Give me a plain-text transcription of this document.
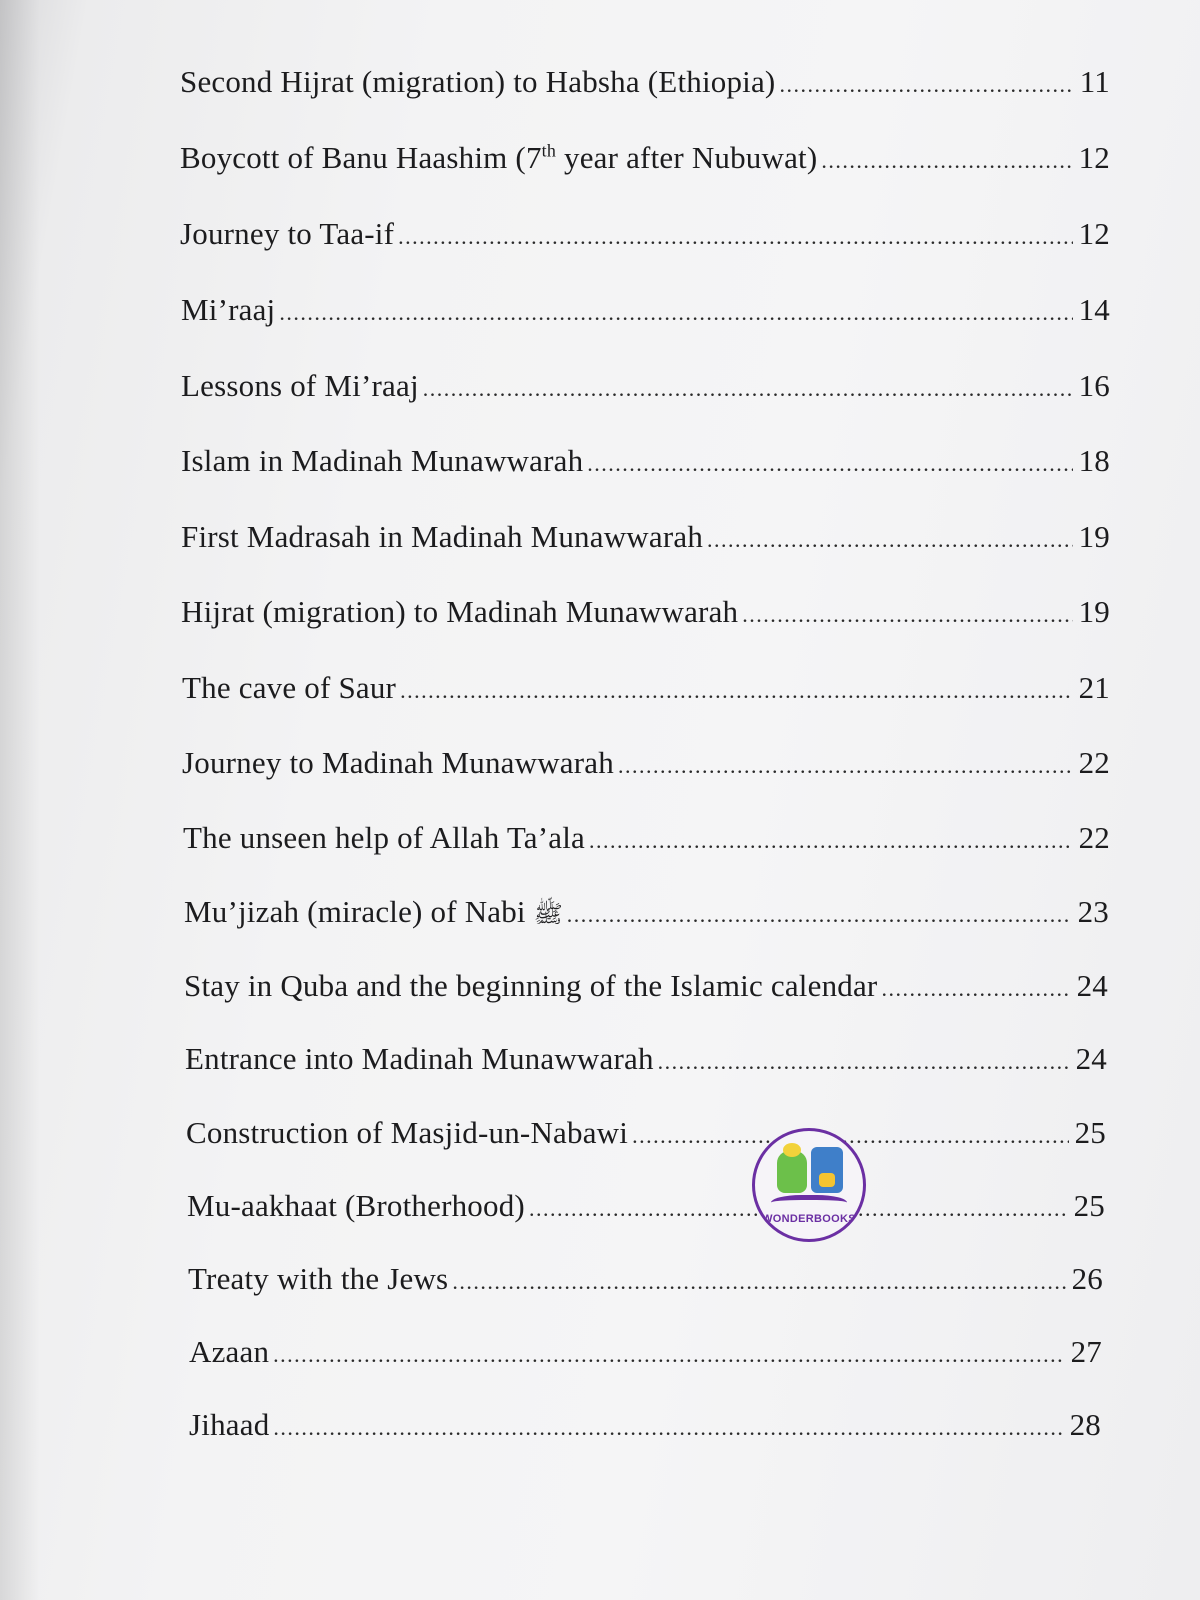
Second Hijrat (migration) to Habsha (Ethiopia) .....	11
Boycott of Banu Haashim (7th year after Nubuwat) .....	12
Journey to Taa-if .....	12
Mi’raaj .....	14
Lessons of Mi’raaj .....	16
Islam in Madinah Munawwarah .....	18
First Madrasah in Madinah Munawwarah .....	19
Hijrat (migration) to Madinah Munawwarah .....	19
The cave of Saur .....	21
Journey to Madinah Munawwarah .....	22
The unseen help of Allah Ta’ala .....	22
Mu’jizah (miracle) of Nabi ﷺ .....	23
Stay in Quba and the beginning of the Islamic calendar .....	24
Entrance into Madinah Munawwarah .....	24
Construction of Masjid-un-Nabawi .....	25
Mu-aakhaat (Brotherhood) .....	25
Treaty with the Jews .....	26
Azaan .....	27
Jihaad .....	28
WONDERBOOKS
